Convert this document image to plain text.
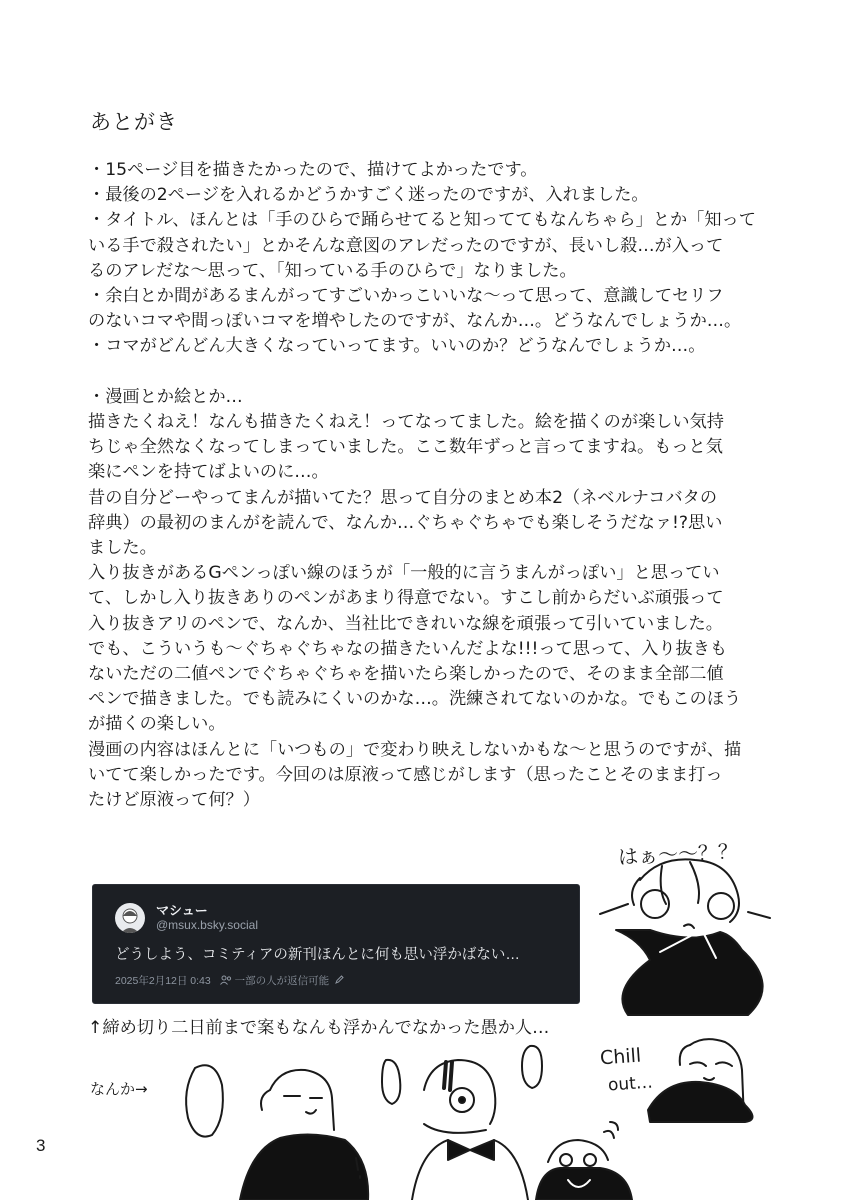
あとがき
・15ページ目を描きたかったので、描けてよかったです。
・最後の2ページを入れるかどうかすごく迷ったのですが、入れました。
・タイトル、ほんとは「手のひらで踊らせてると知っててもなんちゃら」とか「知って
いる手で殺されたい」とかそんな意図のアレだったのですが、長いし殺…が入って
るのアレだな〜思って、「知っている手のひらで」なりました。
・余白とか間があるまんがってすごいかっこいいな〜って思って、意識してセリフ
のないコマや間っぽいコマを増やしたのですが、なんか…。どうなんでしょうか…。
・コマがどんどん大きくなっていってます。いいのか？どうなんでしょうか…。
・漫画とか絵とか…
描きたくねえ！なんも描きたくねえ！ってなってました。絵を描くのが楽しい気持
ちじゃ全然なくなってしまっていました。ここ数年ずっと言ってますね。もっと気
楽にペンを持てばよいのに…。
昔の自分どーやってまんが描いてた？思って自分のまとめ本2（ネベルナコバタの
辞典）の最初のまんがを読んで、なんか…ぐちゃぐちゃでも楽しそうだなァ!?思い
ました。
入り抜きがあるGペンっぽい線のほうが「一般的に言うまんがっぽい」と思ってい
て、しかし入り抜きありのペンがあまり得意でない。すこし前からだいぶ頑張って
入り抜きアリのペンで、なんか、当社比できれいな線を頑張って引いていました。
でも、こういうも〜ぐちゃぐちゃなの描きたいんだよな!!!って思って、入り抜きも
ないただの二値ペンでぐちゃぐちゃを描いたら楽しかったので、そのまま全部二値
ペンで描きました。でも読みにくいのかな…。洗練されてないのかな。でもこのほう
が描くの楽しい。
漫画の内容はほんとに「いつもの」で変わり映えしないかもな〜と思うのですが、描
いてて楽しかったです。今回のは原液って感じがします（思ったことそのまま打っ
たけど原液って何？）
マシュー
@msux.bsky.social
どうしよう、コミティアの新刊ほんとに何も思い浮かばない…
2025年2月12日 0:43 一部の人が返信可能
↑締め切り二日前まで案もなんも浮かんでなかった愚か人…
なんか→
3
はぁ〜〜？？
Chill
out…
